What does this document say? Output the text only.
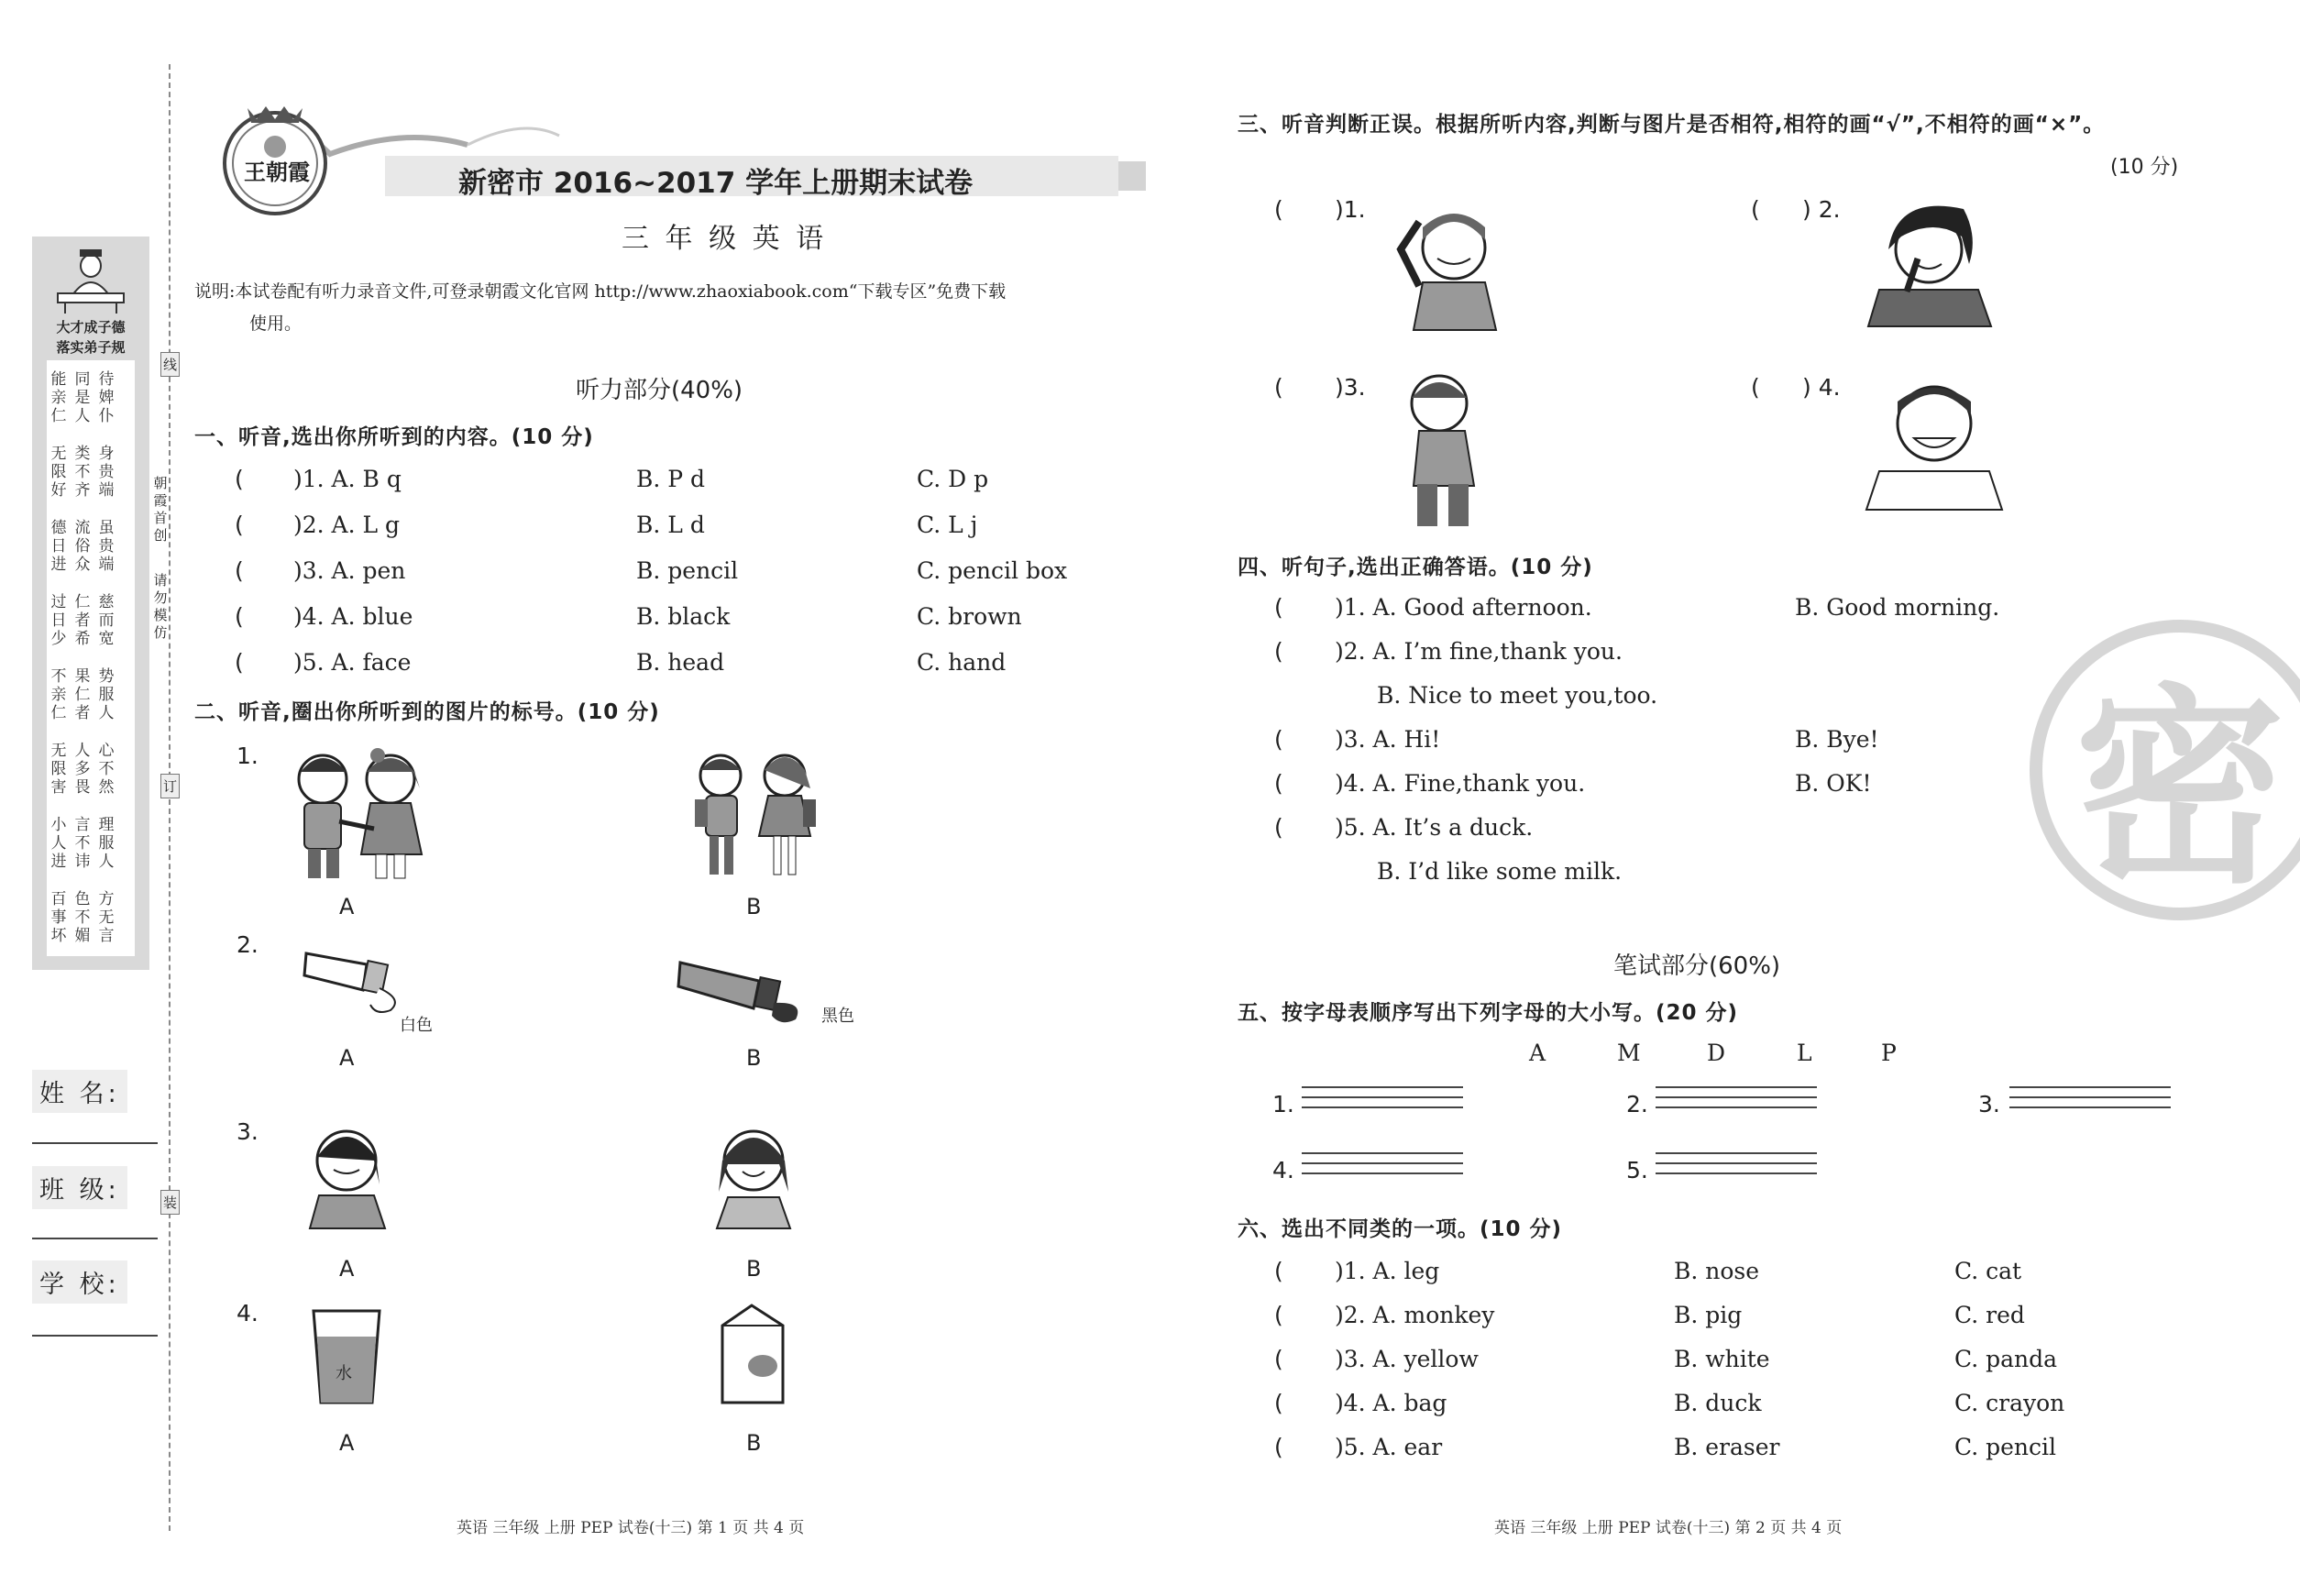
大才成子德
落实弟子规
能
亲
仁
无
限
好
德
日
进
过
日
少
不
亲
仁
无
限
害
小
人
进
百
事
坏
同
是
人
类
不
齐
流
俗
众
仁
者
希
果
仁
者
人
多
畏
言
不
讳
色
不
媚
待
婢
仆
身
贵
端
虽
贵
端
慈
而
宽
势
服
人
心
不
然
理
服
人
方
无
言
线
订
装
朝
霞
首
创
请
勿
模
仿
姓 名:
班 级:
学 校:
王朝霞	新密市 2016~2017 学年上册期末试卷
三 年 级 英 语
说明:本试卷配有听力录音文件,可登录朝霞文化官网 http://www.zhaoxiabook.com“下载专区”免费下载
使用。
听力部分(40%)
一、听音,选出你所听到的内容。(10 分)
( )1. A. B q	B. P d	C. D p
( )2. A. L g	B. L d	C. L j
( )3. A. pen	B. pencil	C. pencil box
( )4. A. blue	B. black	C. brown
( )5. A. face	B. head	C. hand
二、听音,圈出你所听到的图片的标号。(10 分)
1.
2.
3.
4.
A	B
A	B
A	B
A	B
白色	黑色
水
三、听音判断正误。根据所听内容,判断与图片是否相符,相符的画“√”,不相符的画“×”。
(10 分)
( )1.	( ) 2.
( )3.	( ) 4.
四、听句子,选出正确答语。(10 分)
( )1. A. Good afternoon.	B. Good morning.
( )2. A. I’m fine,thank you.
B. Nice to meet you,too.
( )3. A. Hi!	B. Bye!
( )4. A. Fine,thank you.	B. OK!
( )5. A. It’s a duck.
B. I’d like some milk. 密
笔试部分(60%)
五、按字母表顺序写出下列字母的大小写。(20 分)
A	M	D	L	P
1.	2.	3.
4.	5.
六、选出不同类的一项。(10 分)
( )1. A. leg	B. nose	C. cat
( )2. A. monkey	B. pig	C. red
( )3. A. yellow	B. white	C. panda
( )4. A. bag	B. duck	C. crayon
( )5. A. ear	B. eraser	C. pencil
英语 三年级 上册 PEP 试卷(十三) 第 1 页 共 4 页	英语 三年级 上册 PEP 试卷(十三) 第 2 页 共 4 页
